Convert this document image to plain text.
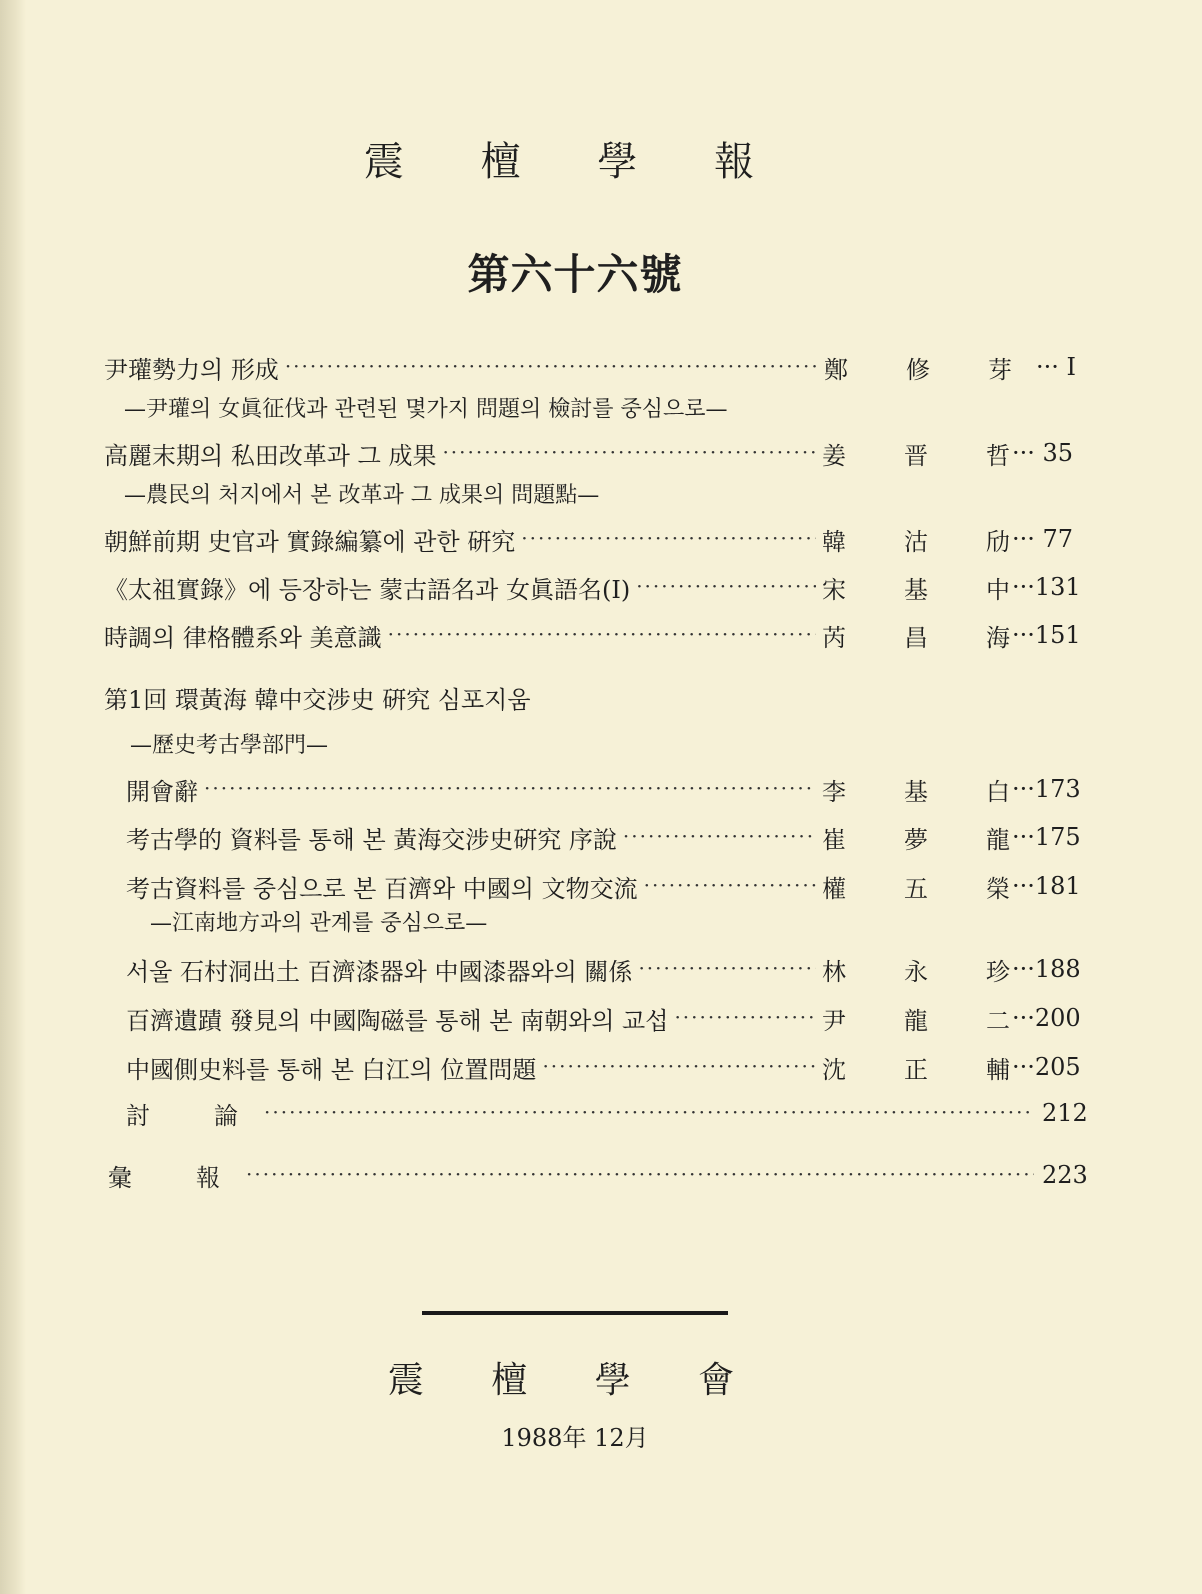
震 檀 學 報
第六十六號
尹瓘勢力의 形成 ·····	鄭 修 芽	··· Ⅰ
—尹瓘의 女眞征伐과 관련된 몇가지 問題의 檢討를 중심으로—
高麗末期의 私田改革과 그 成果 ·····	姜 晋 哲 ··· 35
—農民의 처지에서 본 改革과 그 成果의 問題點—
朝鮮前期 史官과 實錄編纂에 관한 硏究 ·····	韓 沽 劤 ··· 77
《太祖實錄》에 등장하는 蒙古語名과 女眞語名(Ⅰ) ·····	宋 基 中 ···131
時調의 律格體系와 美意識 ·····	芮 昌 海 ···151
第1回 環黃海 韓中交涉史 硏究 심포지움
—歷史考古學部門—
開會辭 ·····	李 基 白 ···173
考古學的 資料를 통해 본 黃海交涉史硏究 序說 ·····	崔 夢 龍 ···175
考古資料를 중심으로 본 百濟와 中國의 文物交流 ·····	權 五 榮 ···181
—江南地方과의 관계를 중심으로—
서울 石村洞出土 百濟漆器와 中國漆器와의 關係 ·····	林 永 珍 ···188
百濟遺蹟 發見의 中國陶磁를 통해 본 南朝와의 교섭 ·····	尹 龍 二 ···200
中國側史料를 통해 본 白江의 位置問題 ·····	沈 正 輔 ···205
討　論 ·····	212
彙　報 ·····	223
震 檀 學 會
1988年 12月
